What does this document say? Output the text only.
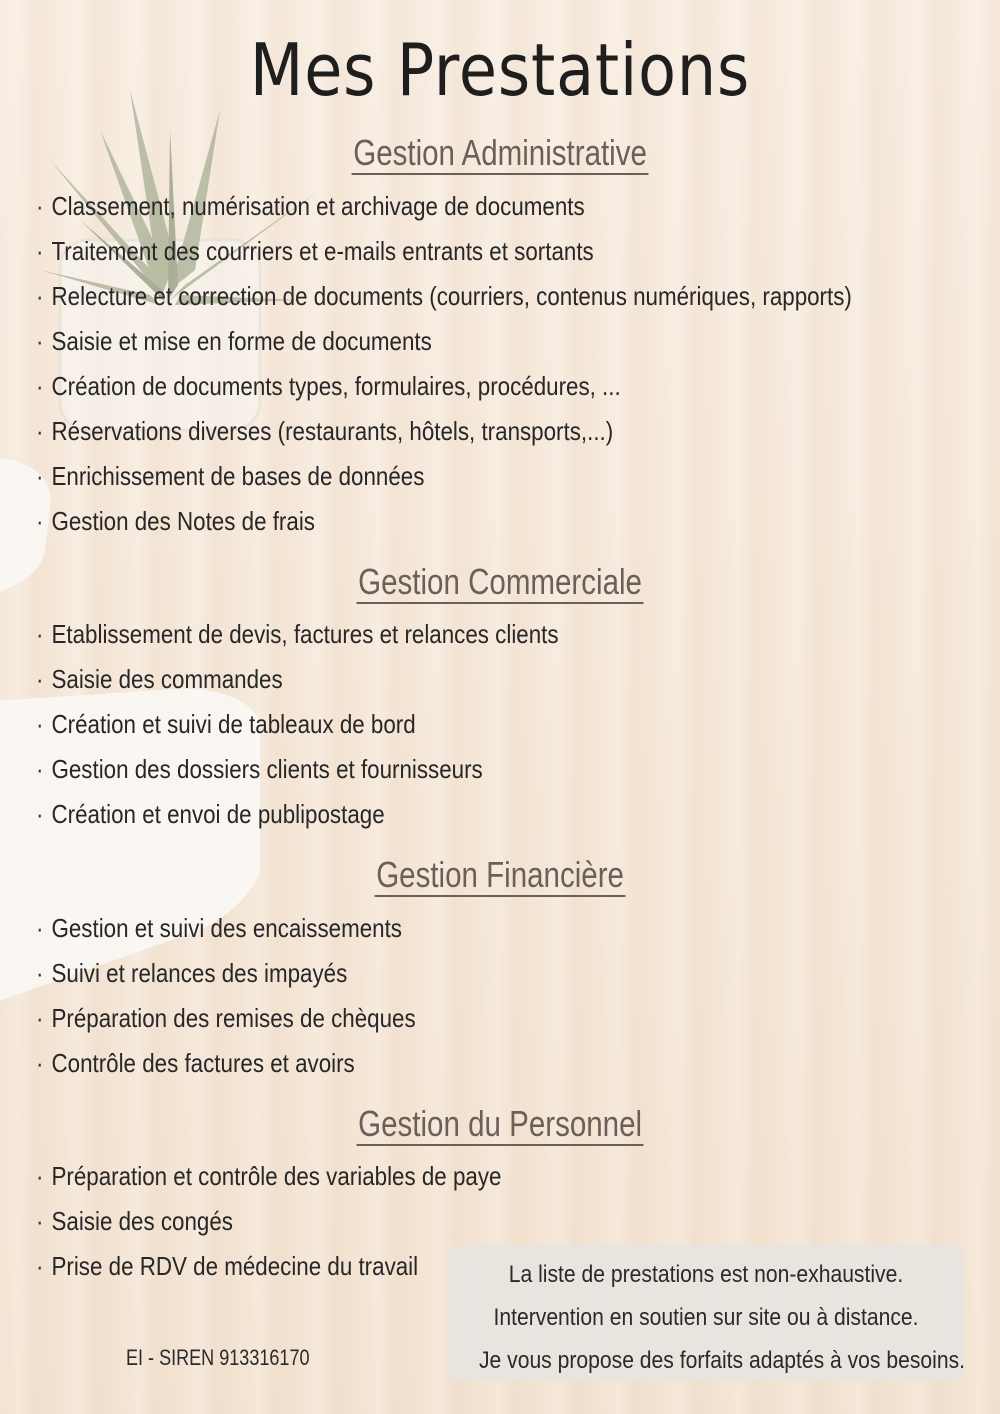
Mes Prestations
Gestion Administrative
· Classement, numérisation et archivage de documents
· Traitement des courriers et e-mails entrants et sortants
· Relecture et correction de documents (courriers, contenus numériques, rapports)
· Saisie et mise en forme de documents
· Création de documents types, formulaires, procédures, ...
· Réservations diverses (restaurants, hôtels, transports,...)
· Enrichissement de bases de données
· Gestion des Notes de frais
Gestion Commerciale
· Etablissement de devis, factures et relances clients
· Saisie des commandes
· Création et suivi de tableaux de bord
· Gestion des dossiers clients et fournisseurs
· Création et envoi de publipostage
Gestion Financière
· Gestion et suivi des encaissements
· Suivi et relances des impayés
· Préparation des remises de chèques
· Contrôle des factures et avoirs
Gestion du Personnel
· Préparation et contrôle des variables de paye
· Saisie des congés
· Prise de RDV de médecine du travail	La liste de prestations est non-exhaustive.

Intervention en soutien sur site ou à distance.

Je vous propose des forfaits adaptés à vos besoins.

EI - SIREN 913316170
